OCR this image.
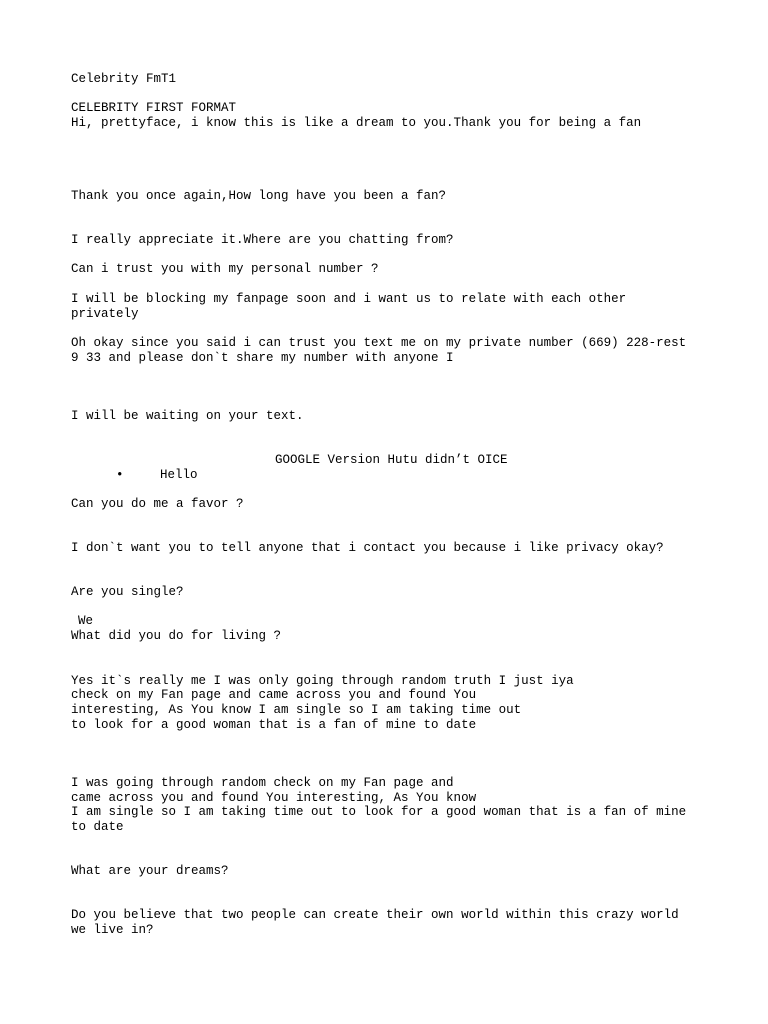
Celebrity FmT1
CELEBRITY FIRST FORMAT
Hi, prettyface, i know this is like a dream to you.Thank you for being a fan
Thank you once again,How long have you been a fan?
I really appreciate it.Where are you chatting from?
Can i trust you with my personal number ?
I will be blocking my fanpage soon and i want us to relate with each other
privately
Oh okay since you said i can trust you text me on my private number (669) 228-rest
9 33 and please don`t share my number with anyone I
I will be waiting on your text.
GOOGLE Version Hutu didn’t OICE
•	Hello
Can you do me a favor ?
I don`t want you to tell anyone that i contact you because i like privacy okay?
Are you single?
We
What did you do for living ?
Yes it`s really me I was only going through random truth I just iya
check on my Fan page and came across you and found You
interesting, As You know I am single so I am taking time out
to look for a good woman that is a fan of mine to date
I was going through random check on my Fan page and
came across you and found You interesting, As You know
I am single so I am taking time out to look for a good woman that is a fan of mine
to date
What are your dreams?
Do you believe that two people can create their own world within this crazy world
we live in?
